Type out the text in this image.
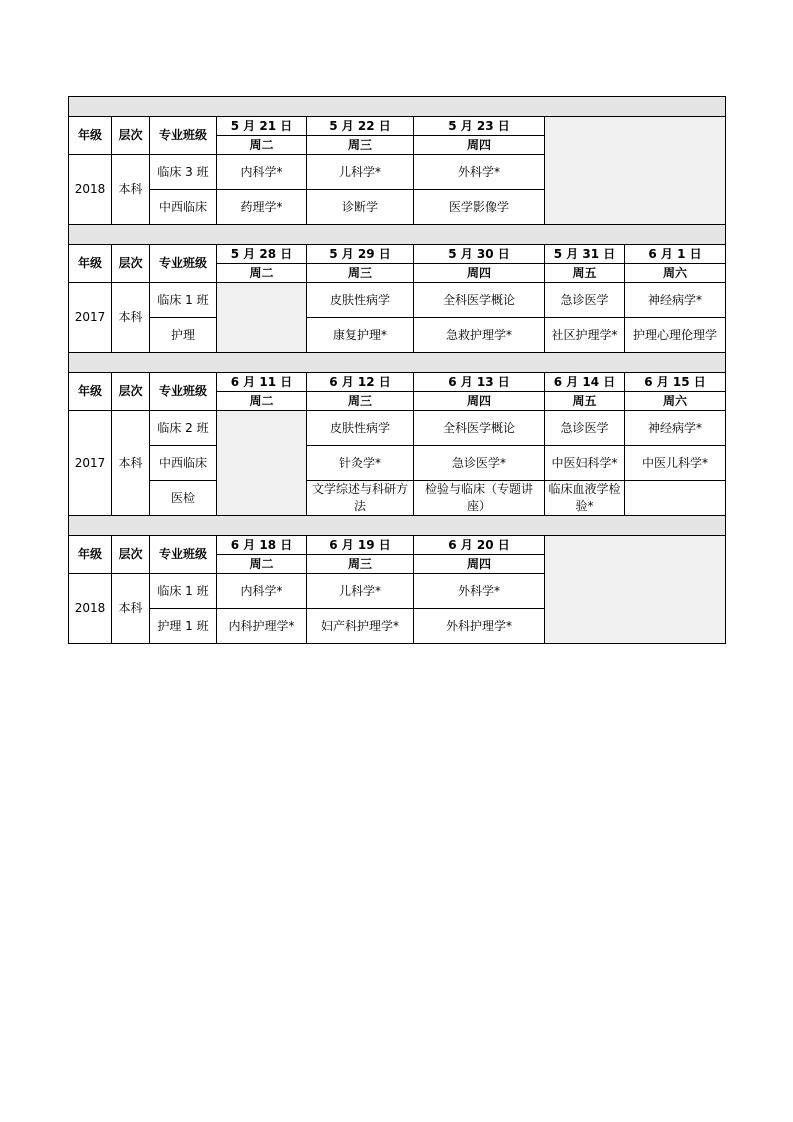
年级	层次	专业班级	5 月 21 日	5 月 22 日	5 月 23 日		
			周二	周三	周四		
2018	本科	临床 3 班	内科学*	儿科学*	外科学*		
		中西临床	药理学*	诊断学	医学影像学		

年级	层次	专业班级	5 月 28 日	5 月 29 日	5 月 30 日	5 月 31 日	6 月 1 日
			周二	周三	周四	周五	周六
2017	本科	临床 1 班		皮肤性病学	全科医学概论	急诊医学	神经病学*
		护理		康复护理*	急救护理学*	社区护理学*	护理心理伦理学

年级	层次	专业班级	6 月 11 日	6 月 12 日	6 月 13 日	6 月 14 日	6 月 15 日
			周二	周三	周四	周五	周六
2017	本科	临床 2 班		皮肤性病学	全科医学概论	急诊医学	神经病学*
		中西临床		针灸学*	急诊医学*	中医妇科学*	中医儿科学*
		医检		文学综述与科研方法	检验与临床（专题讲座）	临床血液学检验*	

年级	层次	专业班级	6 月 18 日	6 月 19 日	6 月 20 日		
			周二	周三	周四		
2018	本科	临床 1 班	内科学*	儿科学*	外科学*		
		护理 1 班	内科护理学*	妇产科护理学*	外科护理学*		
